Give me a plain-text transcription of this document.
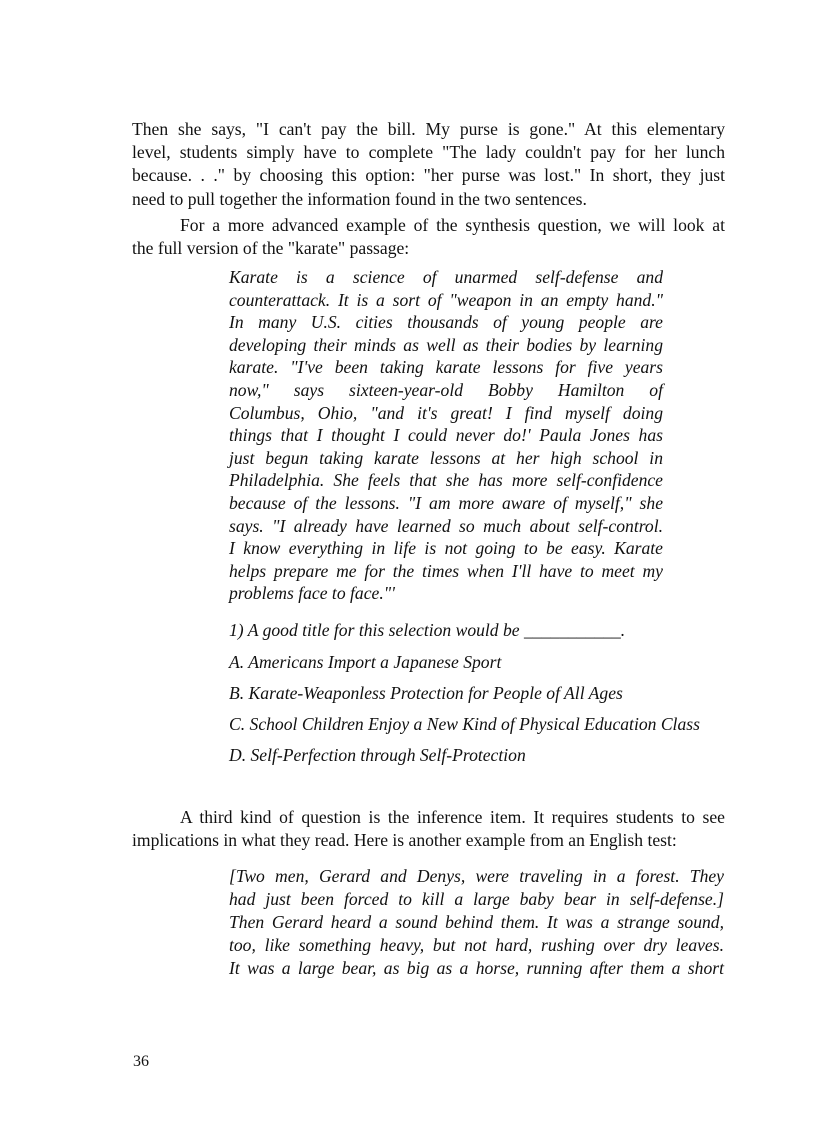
Then she says, "I can't pay the bill. My purse is gone." At this elementary
level, students simply have to complete "The lady couldn't pay for her lunch
because. . ." by choosing this option: "her purse was lost." In short, they just
need to pull together the information found in the two sentences.
For a more advanced example of the synthesis question, we will look at
the full version of the "karate" passage:
Karate is a science of unarmed self-defense and
counterattack. It is a sort of "weapon in an empty hand."
In many U.S. cities thousands of young people are
developing their minds as well as their bodies by learning
karate. "I've been taking karate lessons for five years
now," says sixteen-year-old Bobby Hamilton of
Columbus, Ohio, "and it's great! I find myself doing
things that I thought I could never do!' Paula Jones has
just begun taking karate lessons at her high school in
Philadelphia. She feels that she has more self-confidence
because of the lessons. "I am more aware of myself," she
says. "I already have learned so much about self-control.
I know everything in life is not going to be easy. Karate
helps prepare me for the times when I'll have to meet my
problems face to face."'
1) A good title for this selection would be ___________.
A. Americans Import a Japanese Sport
B. Karate-Weaponless Protection for People of All Ages
C. School Children Enjoy a New Kind of Physical Education Class
D. Self-Perfection through Self-Protection
A third kind of question is the inference item. It requires students to see
implications in what they read. Here is another example from an English test:
[Two men, Gerard and Denys, were traveling in a forest. They
had just been forced to kill a large baby bear in self-defense.]
Then Gerard heard a sound behind them. It was a strange sound,
too, like something heavy, but not hard, rushing over dry leaves.
It was a large bear, as big as a horse, running after them a short
36
